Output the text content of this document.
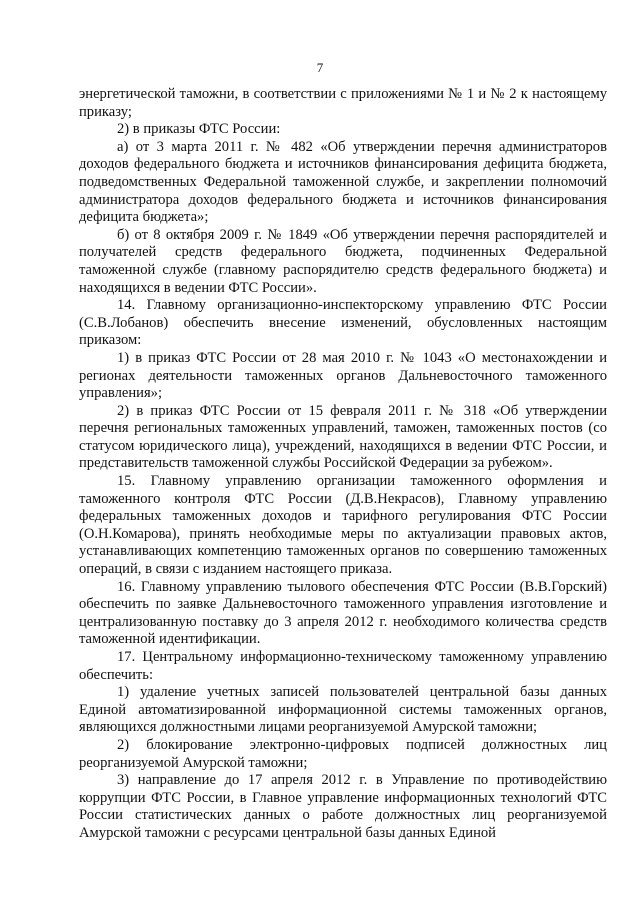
7

энергетической таможни, в соответствии с приложениями № 1 и № 2 к настоящему приказу;

2) в приказы ФТС России:

а) от 3 марта 2011 г. № 482 «Об утверждении перечня администраторов доходов федерального бюджета и источников финансирования дефицита бюджета, подведомственных Федеральной таможенной службе, и закреплении полномочий администратора доходов федерального бюджета и источников финансирования дефицита бюджета»;

б) от 8 октября 2009 г. № 1849 «Об утверждении перечня распорядителей и получателей средств федерального бюджета, подчиненных Федеральной таможенной службе (главному распорядителю средств федерального бюджета) и находящихся в ведении ФТС России».

14. Главному организационно-инспекторскому управлению ФТС России (С.В.Лобанов) обеспечить внесение изменений, обусловленных настоящим приказом:

1) в приказ ФТС России от 28 мая 2010 г. № 1043 «О местонахождении и регионах деятельности таможенных органов Дальневосточного таможенного управления»;

2) в приказ ФТС России от 15 февраля 2011 г. № 318 «Об утверждении перечня региональных таможенных управлений, таможен, таможенных постов (со статусом юридического лица), учреждений, находящихся в ведении ФТС России, и представительств таможенной службы Российской Федерации за рубежом».

15. Главному управлению организации таможенного оформления и таможенного контроля ФТС России (Д.В.Некрасов), Главному управлению федеральных таможенных доходов и тарифного регулирования ФТС России (О.Н.Комарова), принять необходимые меры по актуализации правовых актов, устанавливающих компетенцию таможенных органов по совершению таможенных операций, в связи с изданием настоящего приказа.

16. Главному управлению тылового обеспечения ФТС России (В.В.Горский) обеспечить по заявке Дальневосточного таможенного управления изготовление и централизованную поставку до 3 апреля 2012 г. необходимого количества средств таможенной идентификации.

17. Центральному информационно-техническому таможенному управлению обеспечить:

1) удаление учетных записей пользователей центральной базы данных Единой автоматизированной информационной системы таможенных органов, являющихся должностными лицами реорганизуемой Амурской таможни;

2) блокирование электронно-цифровых подписей должностных лиц реорганизуемой Амурской таможни;

3) направление до 17 апреля 2012 г. в Управление по противодействию коррупции ФТС России, в Главное управление информационных технологий ФТС России статистических данных о работе должностных лиц реорганизуемой Амурской таможни с ресурсами центральной базы данных Единой
